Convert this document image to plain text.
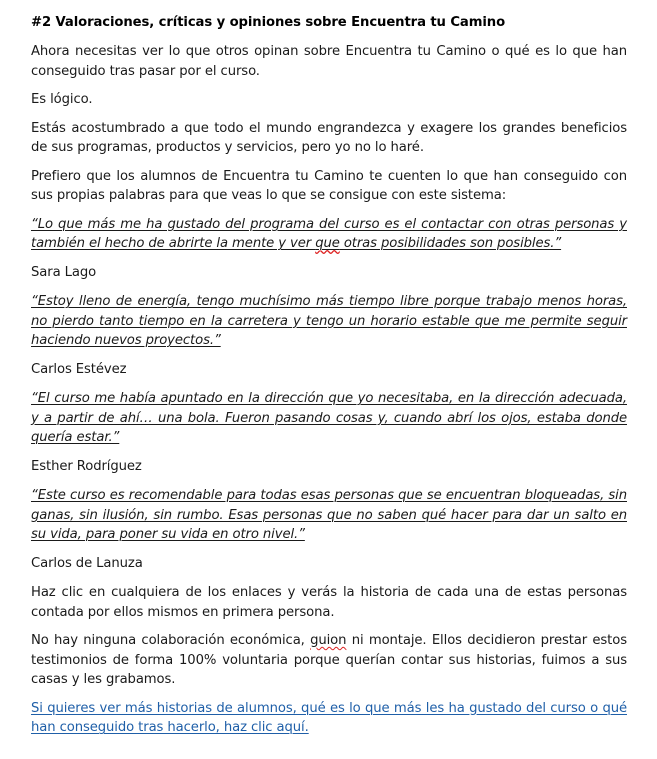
#2 Valoraciones, críticas y opiniones sobre Encuentra tu Camino

Ahora necesitas ver lo que otros opinan sobre Encuentra tu Camino o qué es lo que han conseguido tras pasar por el curso.

Es lógico.

Estás acostumbrado a que todo el mundo engrandezca y exagere los grandes beneficios de sus programas, productos y servicios, pero yo no lo haré.

Prefiero que los alumnos de Encuentra tu Camino te cuenten lo que han conseguido con sus propias palabras para que veas lo que se consigue con este sistema:

“Lo que más me ha gustado del programa del curso es el contactar con otras personas y también el hecho de abrirte la mente y ver que otras posibilidades son posibles.”

Sara Lago

“Estoy lleno de energía, tengo muchísimo más tiempo libre porque trabajo menos horas, no pierdo tanto tiempo en la carretera y tengo un horario estable que me permite seguir haciendo nuevos proyectos.”

Carlos Estévez

“El curso me había apuntado en la dirección que yo necesitaba, en la dirección adecuada, y a partir de ahí… una bola. Fueron pasando cosas y, cuando abrí los ojos, estaba donde quería estar.”

Esther Rodríguez

“Este curso es recomendable para todas esas personas que se encuentran bloqueadas, sin ganas, sin ilusión, sin rumbo. Esas personas que no saben qué hacer para dar un salto en su vida, para poner su vida en otro nivel.”

Carlos de Lanuza

Haz clic en cualquiera de los enlaces y verás la historia de cada una de estas personas contada por ellos mismos en primera persona.

No hay ninguna colaboración económica, guion ni montaje. Ellos decidieron prestar estos testimonios de forma 100% voluntaria porque querían contar sus historias, fuimos a sus casas y les grabamos.

Si quieres ver más historias de alumnos, qué es lo que más les ha gustado del curso o qué han conseguido tras hacerlo, haz clic aquí.
